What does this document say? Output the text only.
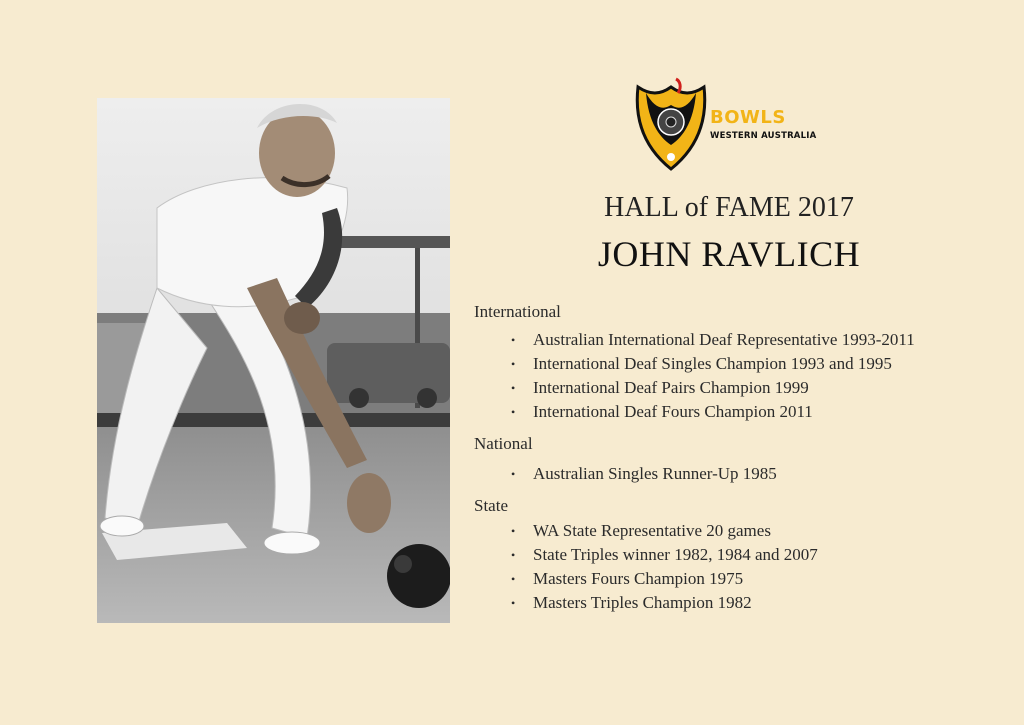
BOWLS
WESTERN AUSTRALIA
HALL of FAME 2017
JOHN RAVLICH
International
• Australian International Deaf Representative 1993-2011
• International Deaf Singles Champion 1993 and 1995
• International Deaf Pairs Champion 1999
• International Deaf Fours Champion 2011
National
• Australian Singles Runner-Up 1985
State
• WA State Representative 20 games
• State Triples winner 1982, 1984 and 2007
• Masters Fours Champion 1975
• Masters Triples Champion 1982
